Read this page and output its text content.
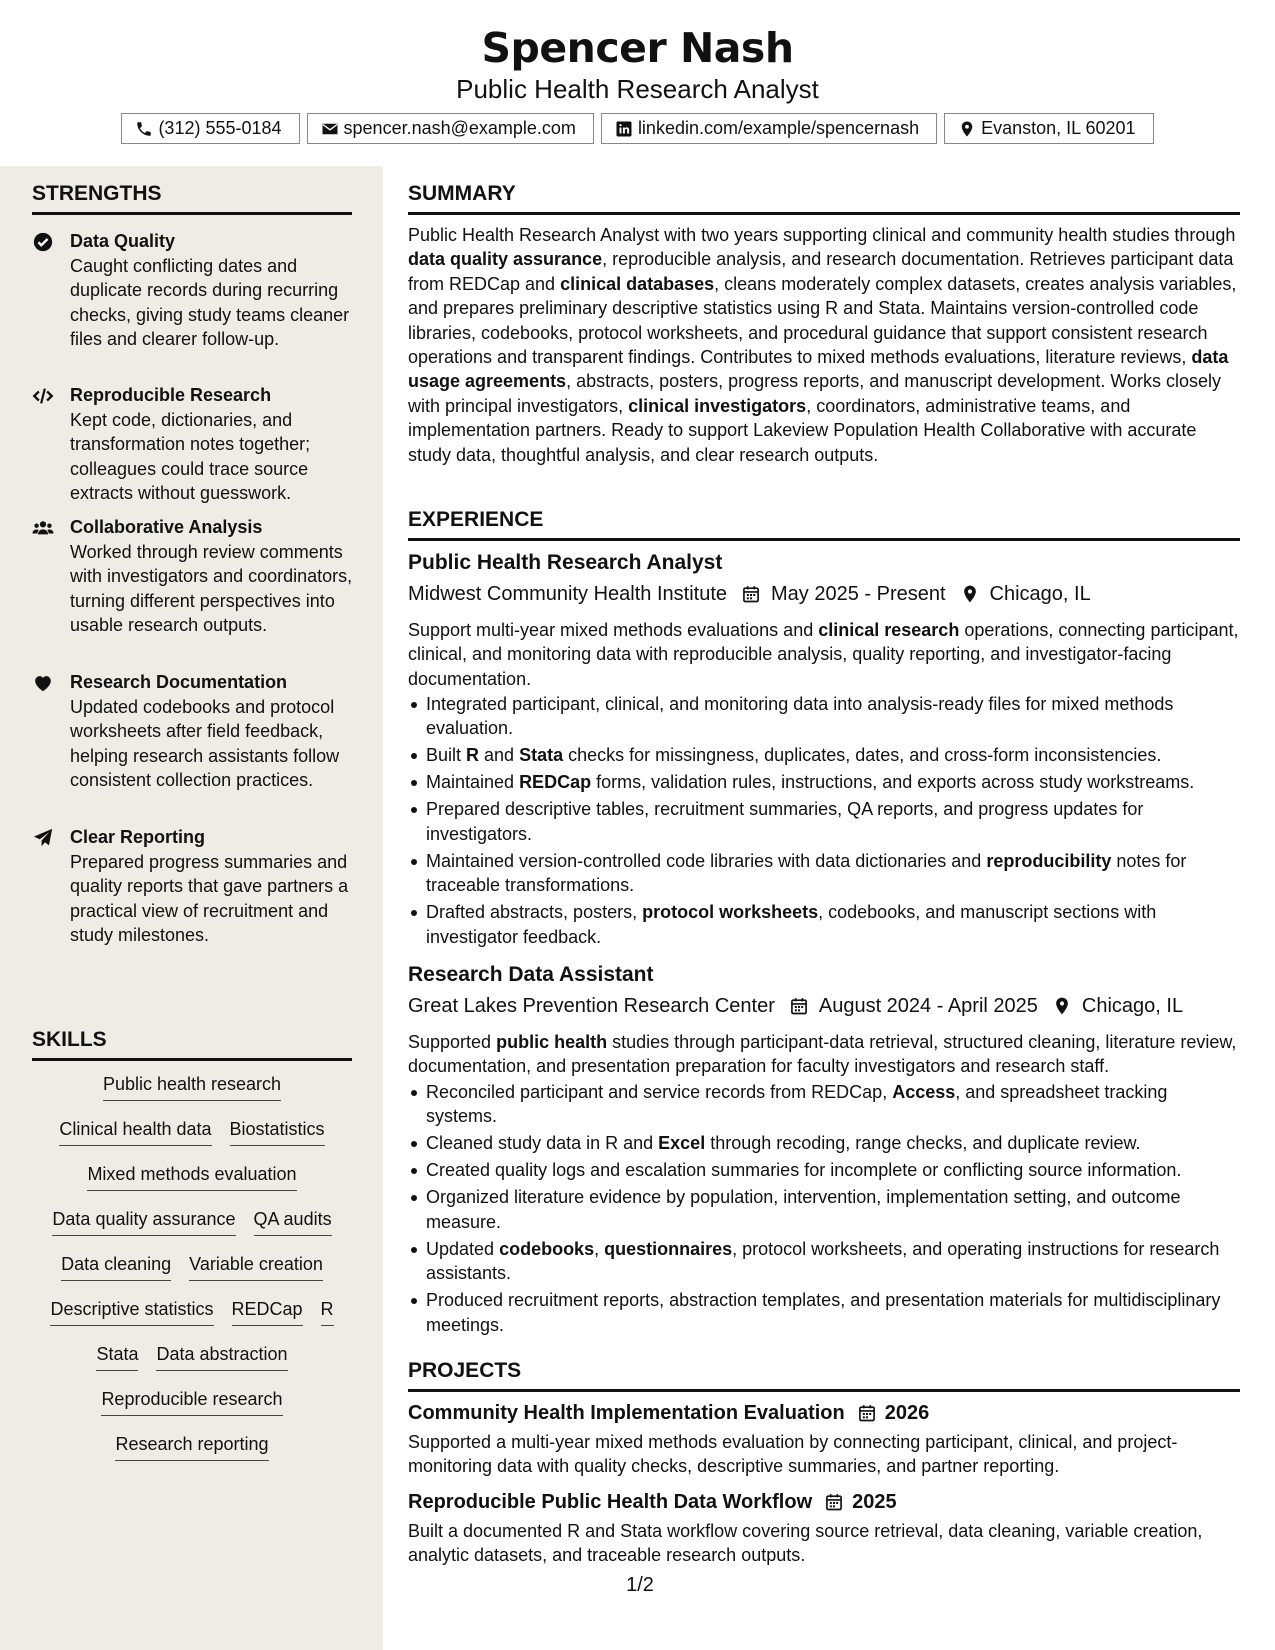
Spencer Nash
Public Health Research Analyst
(312) 555-0184	spencer.nash@example.com	linkedin.com/example/spencernash	Evanston, IL 60201
STRENGTHS
Data Quality
Caught conflicting dates and duplicate records during recurring checks, giving study teams cleaner files and clearer follow-up.
Reproducible Research
Kept code, dictionaries, and transformation notes together; colleagues could trace source extracts without guesswork.
Collaborative Analysis
Worked through review comments with investigators and coordinators, turning different perspectives into usable research outputs.
Research Documentation
Updated codebooks and protocol worksheets after field feedback, helping research assistants follow consistent collection practices.
Clear Reporting
Prepared progress summaries and quality reports that gave partners a practical view of recruitment and study milestones.
SKILLS
Public health research
Clinical health data Biostatistics
Mixed methods evaluation
Data quality assurance QA audits
Data cleaning Variable creation
Descriptive statistics REDCap R
Stata Data abstraction
Reproducible research
Research reporting
SUMMARY
Public Health Research Analyst with two years supporting clinical and community health studies through data quality assurance, reproducible analysis, and research documentation. Retrieves participant data from REDCap and clinical databases, cleans moderately complex datasets, creates analysis variables, and prepares preliminary descriptive statistics using R and Stata. Maintains version-controlled code libraries, codebooks, protocol worksheets, and procedural guidance that support consistent research operations and transparent findings. Contributes to mixed methods evaluations, literature reviews, data usage agreements, abstracts, posters, progress reports, and manuscript development. Works closely with principal investigators, clinical investigators, coordinators, administrative teams, and implementation partners. Ready to support Lakeview Population Health Collaborative with accurate study data, thoughtful analysis, and clear research outputs.
EXPERIENCE
Public Health Research Analyst
Midwest Community Health Institute May 2025 - Present Chicago, IL
Support multi-year mixed methods evaluations and clinical research operations, connecting participant, clinical, and monitoring data with reproducible analysis, quality reporting, and investigator-facing documentation.
Integrated participant, clinical, and monitoring data into analysis-ready files for mixed methods evaluation.
Built R and Stata checks for missingness, duplicates, dates, and cross-form inconsistencies.
Maintained REDCap forms, validation rules, instructions, and exports across study workstreams.
Prepared descriptive tables, recruitment summaries, QA reports, and progress updates for investigators.
Maintained version-controlled code libraries with data dictionaries and reproducibility notes for traceable transformations.
Drafted abstracts, posters, protocol worksheets, codebooks, and manuscript sections with investigator feedback.
Research Data Assistant
Great Lakes Prevention Research Center August 2024 - April 2025 Chicago, IL
Supported public health studies through participant-data retrieval, structured cleaning, literature review, documentation, and presentation preparation for faculty investigators and research staff.
Reconciled participant and service records from REDCap, Access, and spreadsheet tracking systems.
Cleaned study data in R and Excel through recoding, range checks, and duplicate review.
Created quality logs and escalation summaries for incomplete or conflicting source information.
Organized literature evidence by population, intervention, implementation setting, and outcome measure.
Updated codebooks, questionnaires, protocol worksheets, and operating instructions for research assistants.
Produced recruitment reports, abstraction templates, and presentation materials for multidisciplinary meetings.
PROJECTS
Community Health Implementation Evaluation 2026
Supported a multi-year mixed methods evaluation by connecting participant, clinical, and project-monitoring data with quality checks, descriptive summaries, and partner reporting.
Reproducible Public Health Data Workflow 2025
Built a documented R and Stata workflow covering source retrieval, data cleaning, variable creation, analytic datasets, and traceable research outputs.
1/2
